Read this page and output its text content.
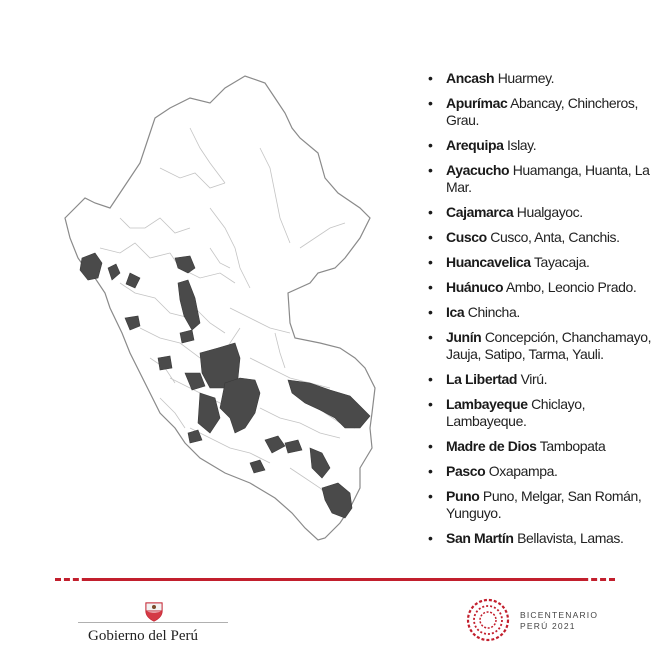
• Ancash Huarmey.
• Apurímac Abancay, Chincheros, Grau.
• Arequipa Islay.
• Ayacucho Huamanga, Huanta, La Mar.
• Cajamarca Hualgayoc.
• Cusco Cusco, Anta, Canchis.
• Huancavelica Tayacaja.
• Huánuco Ambo, Leoncio Prado.
• Ica Chincha.
• Junín Concepción, Chanchamayo, Jauja, Satipo, Tarma, Yauli.
• La Libertad Virú.
• Lambayeque Chiclayo, Lambayeque.
• Madre de Dios Tambopata
• Pasco Oxapampa.
• Puno Puno, Melgar, San Román, Yunguyo.
• San Martín Bellavista, Lamas.
Gobierno del Perú
BICENTENARIO
PERÚ 2021
